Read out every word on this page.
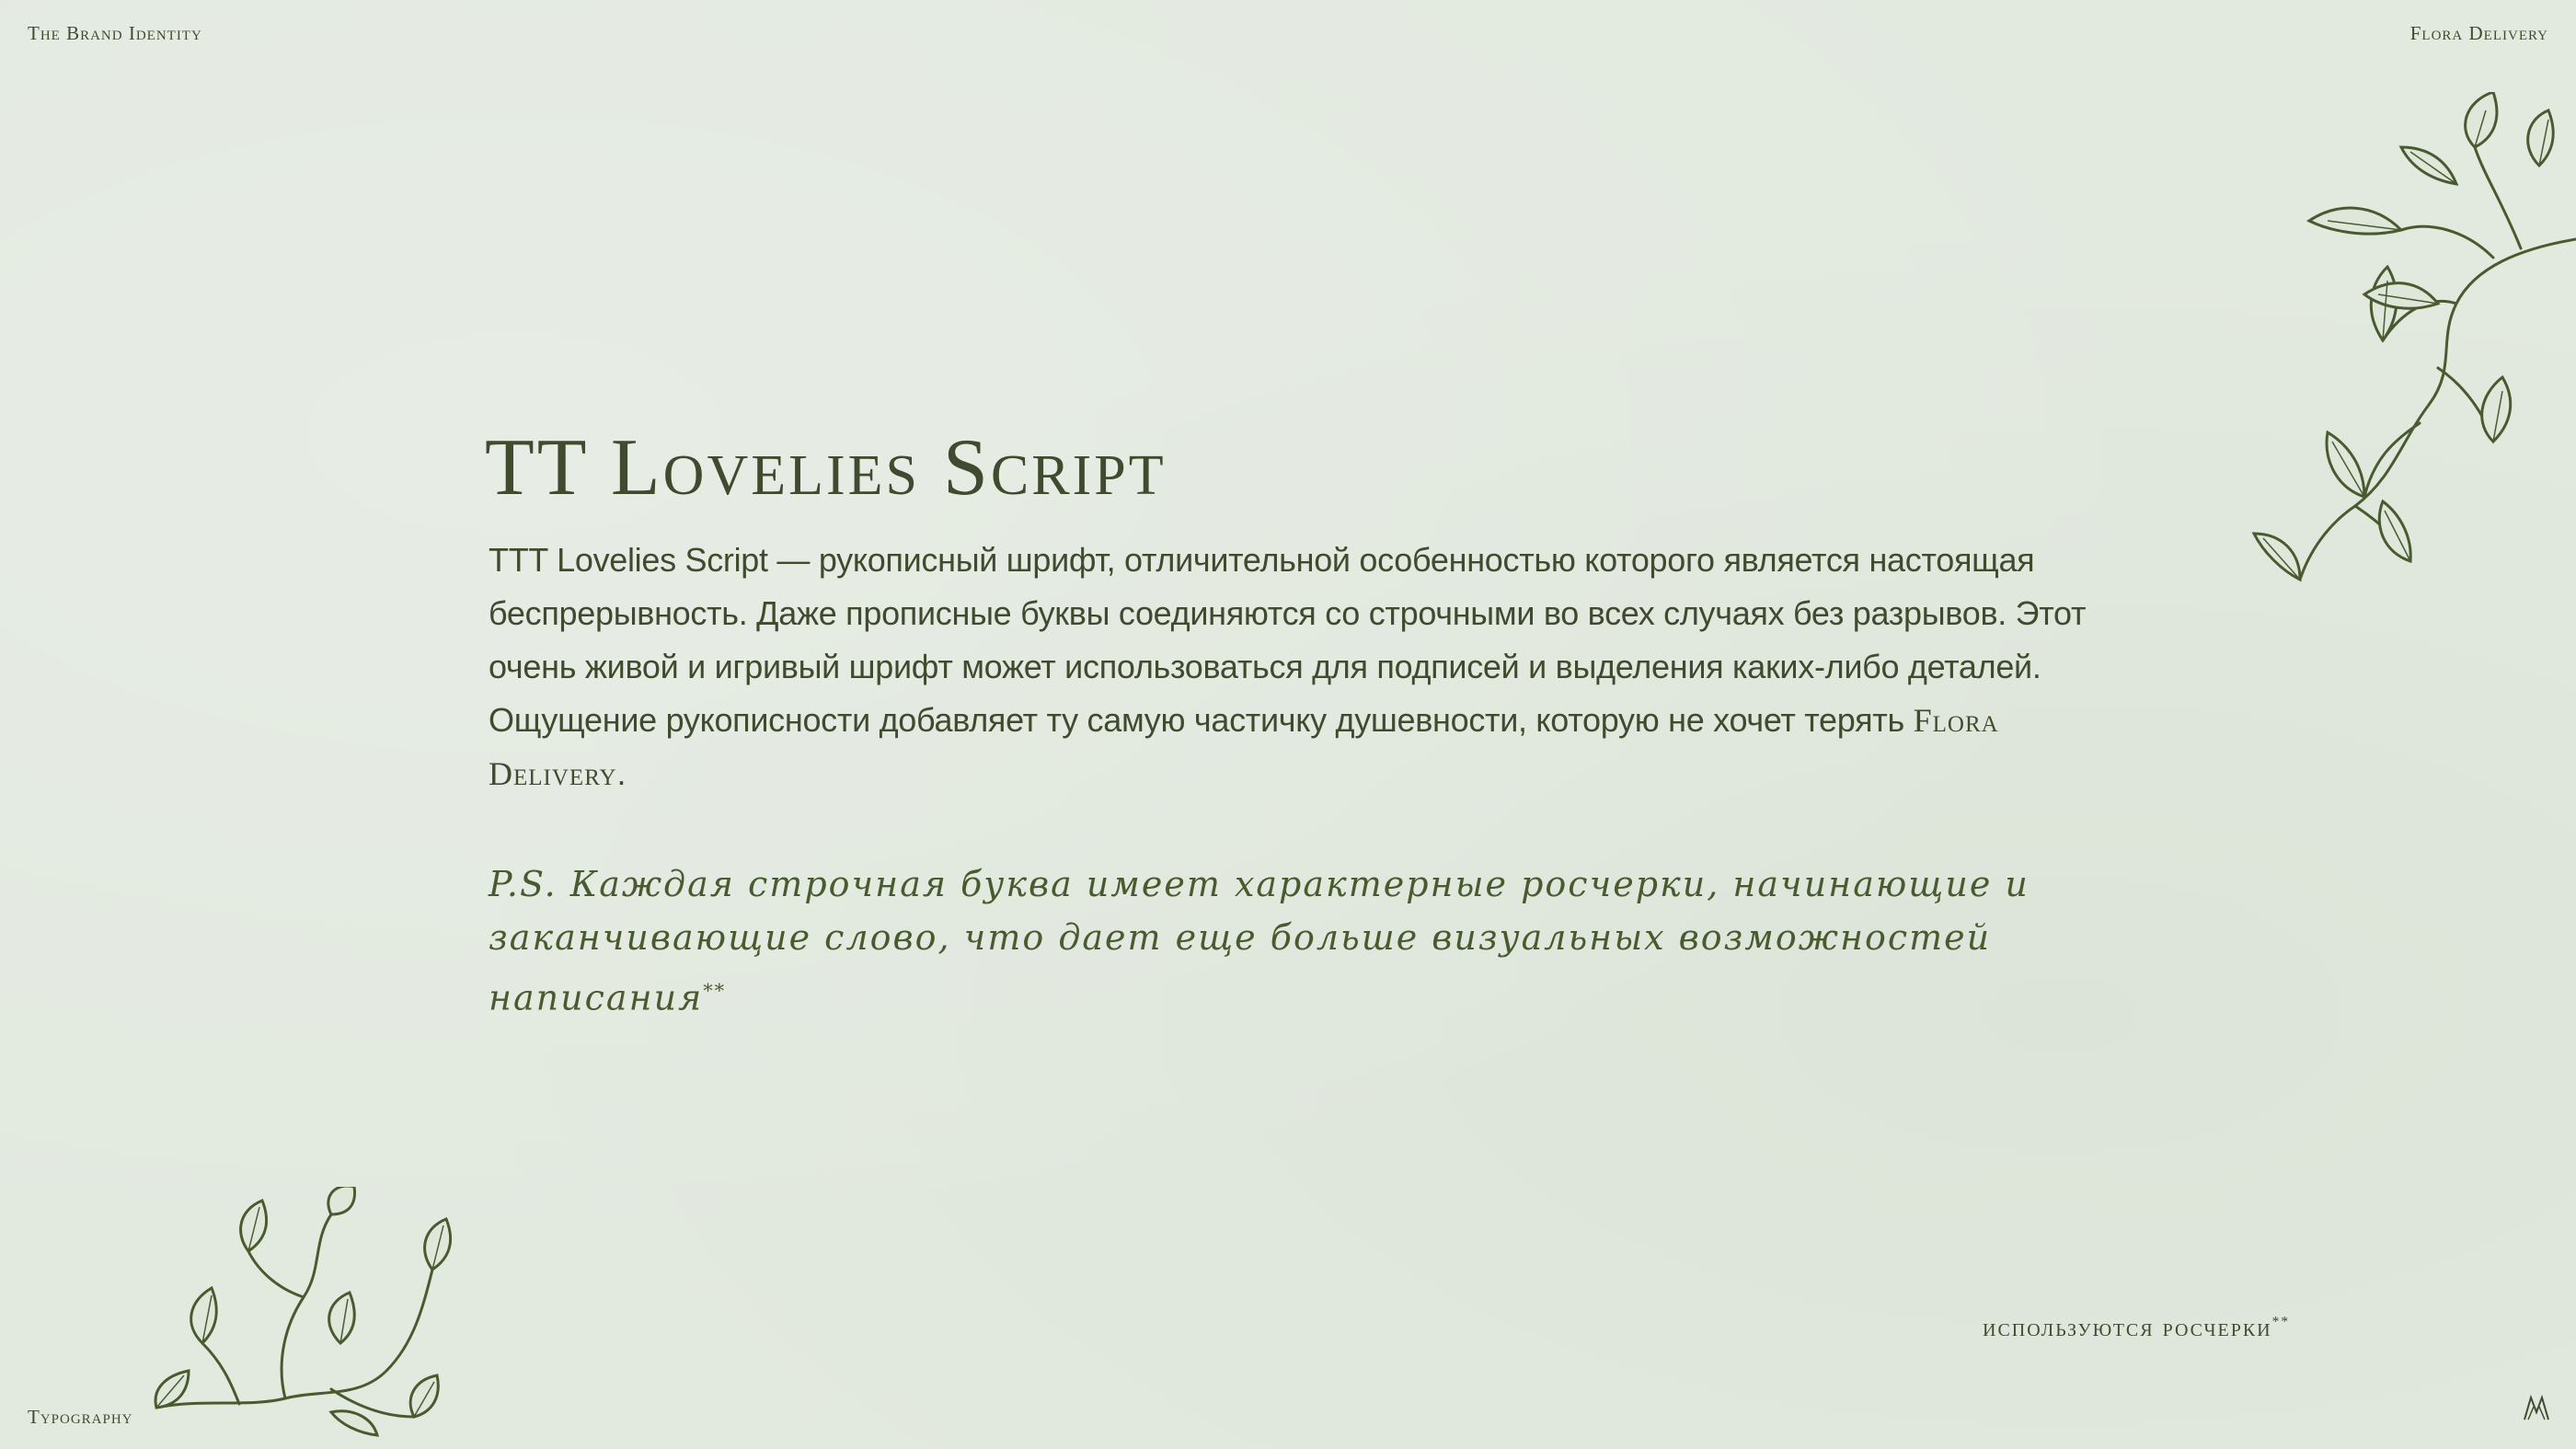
The Brand Identity	Flora Delivery
Typography
TT Lovelies Script
TTT Lovelies Script — рукописный шрифт, отличительной особенностью которого является настоящая беспрерывность. Даже прописные буквы соединяются со строчными во всех случаях без разрывов. Этот очень живой и игривый шрифт может использоваться для подписей и выделения каких-либо деталей. Ощущение рукописности добавляет ту самую частичку душевности, которую не хочет терять Flora Delivery.
P.S. Каждая строчная буква имеет характерные росчерки, начинающие и заканчивающие слово, что дает еще больше визуальных возможностей написания**
используются росчерки**
